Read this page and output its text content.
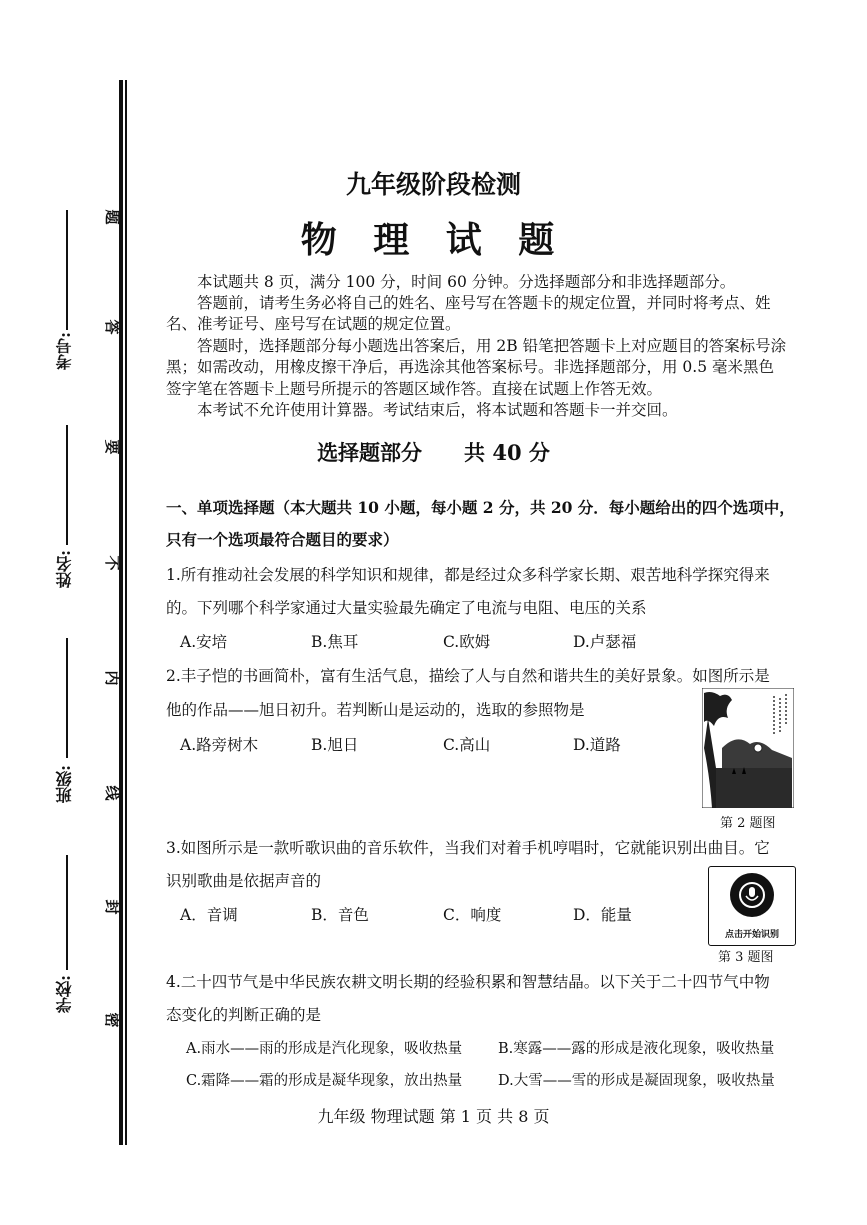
题
答
要
不
内
线
封
密
考号:
姓名:
班级:
学校:
九年级阶段检测
物 理 试 题
本试题共 8 页，满分 100 分，时间 60 分钟。分选择题部分和非选择题部分。
答题前，请考生务必将自己的姓名、座号写在答题卡的规定位置，并同时将考点、姓
名、准考证号、座号写在试题的规定位置。
答题时，选择题部分每小题选出答案后，用 2B 铅笔把答题卡上对应题目的答案标号涂
黑；如需改动，用橡皮擦干净后，再选涂其他答案标号。非选择题部分，用 0.5 毫米黑色
签字笔在答题卡上题号所提示的答题区域作答。直接在试题上作答无效。
本考试不允许使用计算器。考试结束后，将本试题和答题卡一并交回。
选择题部分　　共 40 分
一、单项选择题（本大题共 10 小题，每小题 2 分，共 20 分．每小题给出的四个选项中，
只有一个选项最符合题目的要求）
1.所有推动社会发展的科学知识和规律，都是经过众多科学家长期、艰苦地科学探究得来
的。下列哪个科学家通过大量实验最先确定了电流与电阻、电压的关系
A.安培	B.焦耳	C.欧姆	D.卢瑟福
2.丰子恺的书画简朴，富有生活气息，描绘了人与自然和谐共生的美好景象。如图所示是
他的作品——旭日初升。若判断山是运动的，选取的参照物是
A.路旁树木	B.旭日	C.高山	D.道路
第 2 题图
3.如图所示是一款听歌识曲的音乐软件，当我们对着手机哼唱时，它就能识别出曲目。它
识别歌曲是依据声音的
A．音调	B．音色	C．响度	D．能量
点击开始识别
第 3 题图
4.二十四节气是中华民族农耕文明长期的经验积累和智慧结晶。以下关于二十四节气中物
态变化的判断正确的是
A.雨水——雨的形成是汽化现象，吸收热量 B.寒露——露的形成是液化现象，吸收热量
C.霜降——霜的形成是凝华现象，放出热量 D.大雪——雪的形成是凝固现象，吸收热量
九年级 物理试题 第 1 页 共 8 页
